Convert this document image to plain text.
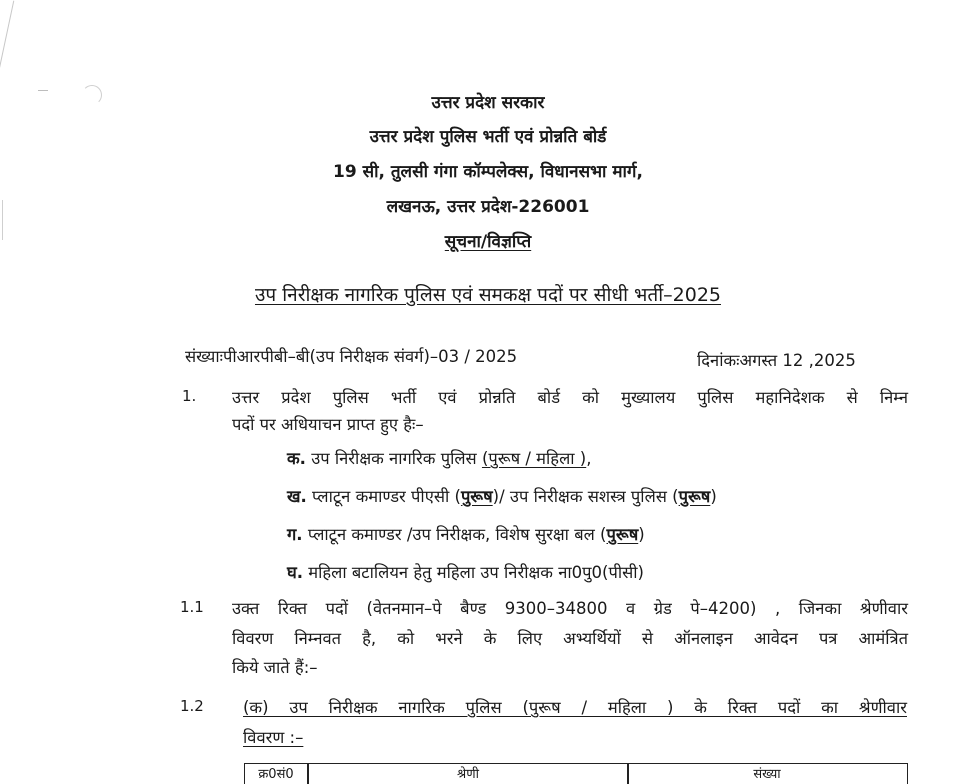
उत्तर प्रदेश सरकार
उत्तर प्रदेश पुलिस भर्ती एवं प्रोन्नति बोर्ड
19 सी, तुलसी गंगा कॉम्पलेक्स, विधानसभा मार्ग,
लखनऊ, उत्तर प्रदेश-226001
सूचना/विज्ञप्ति
उप निरीक्षक नागरिक पुलिस एवं समकक्ष पदों पर सीधी भर्ती–2025
संख्याःपीआरपीबी–बी(उप निरीक्षक संवर्ग)–03 / 2025	दिनांकःअगस्त 12 ,2025
1. उत्तर प्रदेश पुलिस भर्ती एवं प्रोन्नति बोर्ड को मुख्यालय पुलिस महानिदेशक से निम्न
पदों पर अधियाचन प्राप्त हुए हैः–
क. उप निरीक्षक नागरिक पुलिस (पुरूष / महिला ),
ख. प्लाटून कमाण्डर पीएसी (पुरूष)/ उप निरीक्षक सशस्त्र पुलिस (पुरूष)
ग. प्लाटून कमाण्डर /उप निरीक्षक, विशेष सुरक्षा बल (पुरूष)
घ. महिला बटालियन हेतु महिला उप निरीक्षक ना0पु0(पीसी)
1.1 उक्त रिक्त पदों (वेतनमान–पे बैण्ड 9300–34800 व ग्रेड पे–4200) , जिनका श्रेणीवार
विवरण निम्नवत है, को भरने के लिए अभ्यर्थियों से ऑनलाइन आवेदन पत्र आमंत्रित
किये जाते हैं:–
1.2 (क) उप निरीक्षक नागरिक पुलिस (पुरूष / महिला ) के रिक्त पदों का श्रेणीवार
विवरण :–
क्र0सं0	श्रेणी	संख्या
